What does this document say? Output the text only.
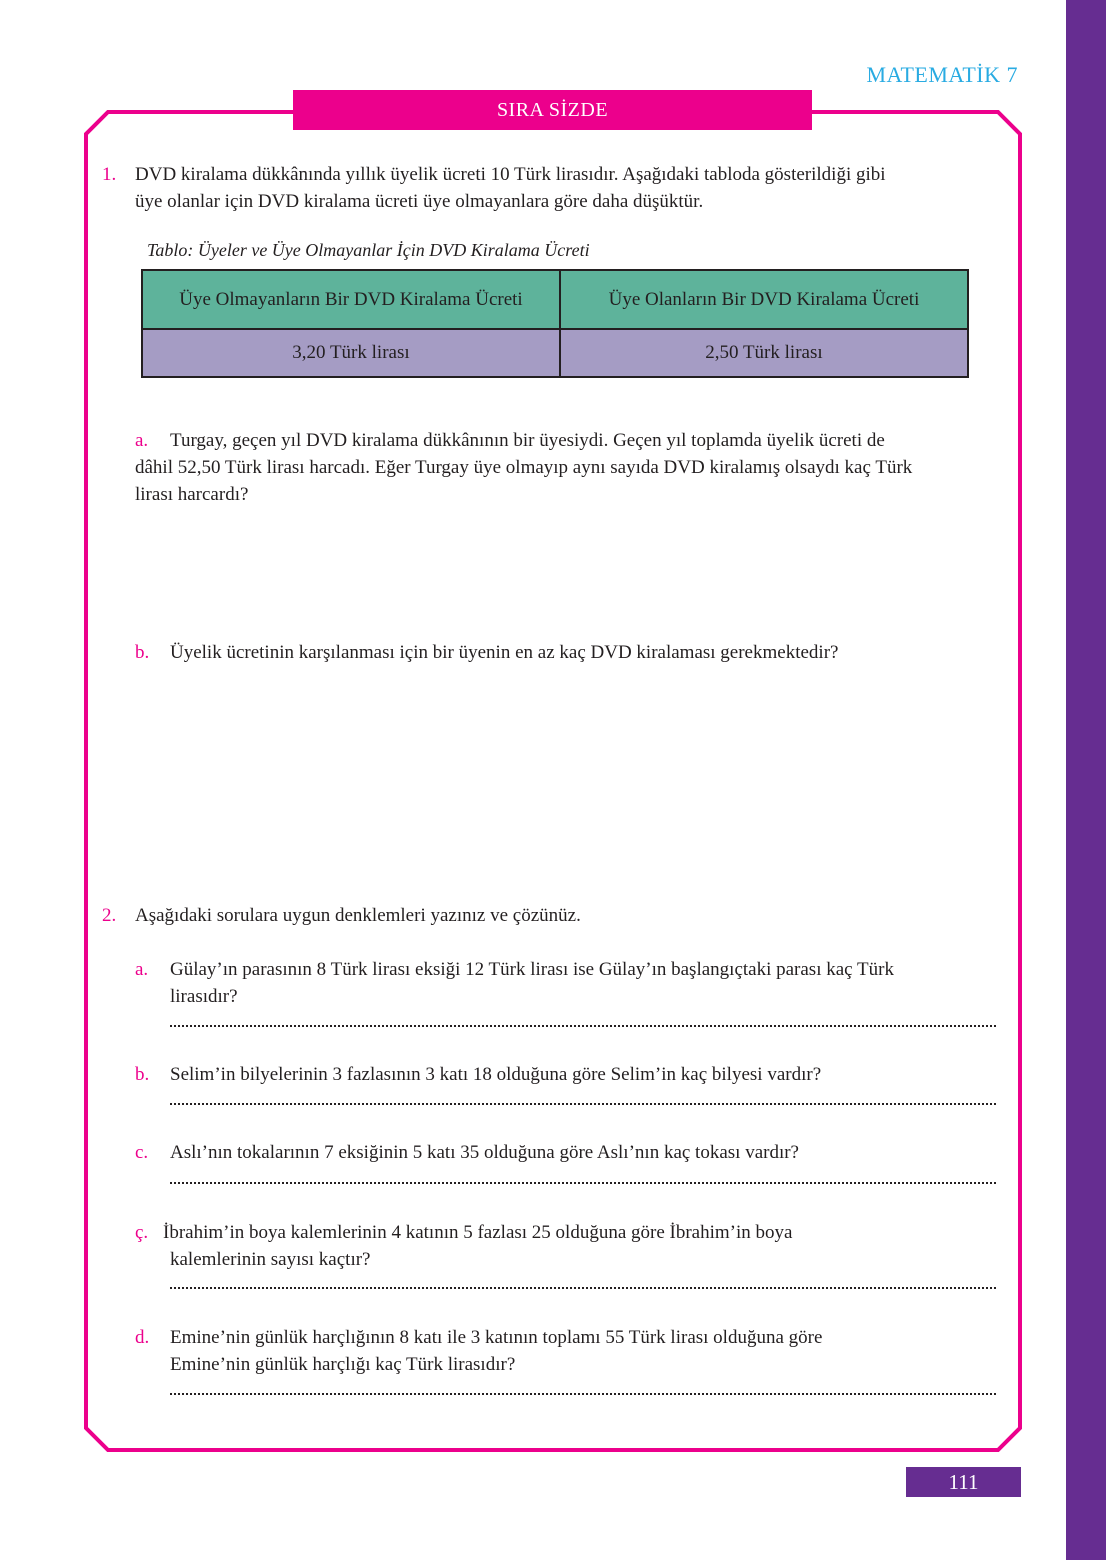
MATEMATİK 7
SIRA SİZDE
1. DVD kiralama dükkânında yıllık üyelik ücreti 10 Türk lirasıdır. Aşağıdaki tabloda gösterildiği gibi
üye olanlar için DVD kiralama ücreti üye olmayanlara göre daha düşüktür.
Tablo: Üyeler ve Üye Olmayanlar İçin DVD Kiralama Ücreti
Üye Olmayanların Bir DVD Kiralama Ücreti	Üye Olanların Bir DVD Kiralama Ücreti
3,20 Türk lirası	2,50 Türk lirası
a. Turgay, geçen yıl DVD kiralama dükkânının bir üyesiydi. Geçen yıl toplamda üyelik ücreti de
dâhil 52,50 Türk lirası harcadı. Eğer Turgay üye olmayıp aynı sayıda DVD kiralamış olsaydı kaç Türk
lirası harcardı?
b. Üyelik ücretinin karşılanması için bir üyenin en az kaç DVD kiralaması gerekmektedir?
2. Aşağıdaki sorulara uygun denklemleri yazınız ve çözünüz.
a. Gülay’ın parasının 8 Türk lirası eksiği 12 Türk lirası ise Gülay’ın başlangıçtaki parası kaç Türk
lirasıdır?
b. Selim’in bilyelerinin 3 fazlasının 3 katı 18 olduğuna göre Selim’in kaç bilyesi vardır?
c. Aslı’nın tokalarının 7 eksiğinin 5 katı 35 olduğuna göre Aslı’nın kaç tokası vardır?
ç. İbrahim’in boya kalemlerinin 4 katının 5 fazlası 25 olduğuna göre İbrahim’in boya
kalemlerinin sayısı kaçtır?
d. Emine’nin günlük harçlığının 8 katı ile 3 katının toplamı 55 Türk lirası olduğuna göre
Emine’nin günlük harçlığı kaç Türk lirasıdır?
111
